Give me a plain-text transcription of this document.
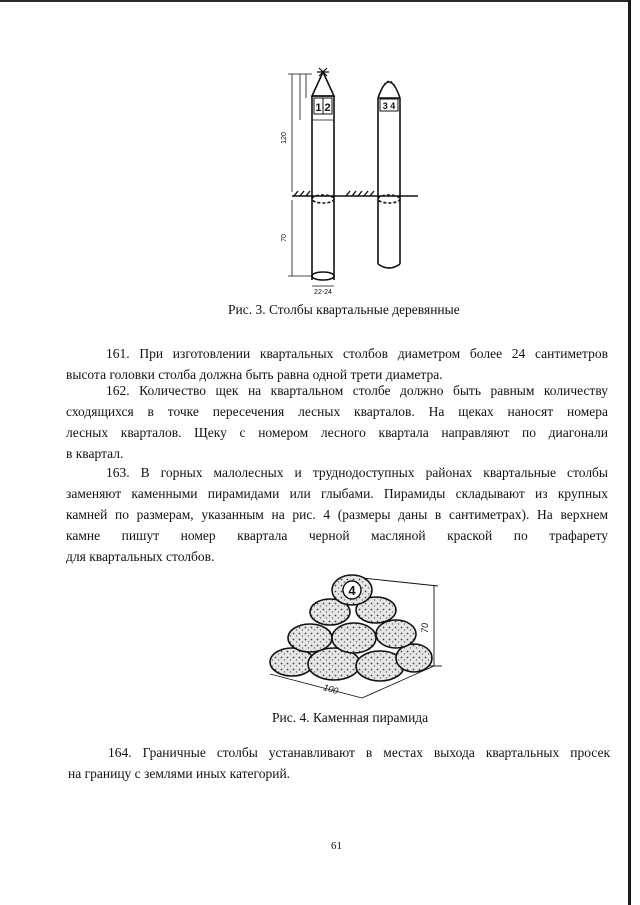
1 2
120
70
22-24
3 4
Рис. 3. Столбы квартальные деревянные
161. При изготовлении квартальных столбов диаметром более 24 сантиметров
высота головки столба должна быть равна одной трети диаметра.
162. Количество щек на квартальном столбе должно быть равным количеству
сходящихся в точке пересечения лесных кварталов. На щеках наносят номера
лесных кварталов. Щеку с номером лесного квартала направляют по диагонали
в квартал.
163. В горных малолесных и труднодоступных районах квартальные столбы
заменяют каменными пирамидами или глыбами. Пирамиды складывают из крупных
камней по размерам, указанным на рис. 4 (размеры даны в сантиметрах). На верхнем
камне пишут номер квартала черной масляной краской по трафарету
для квартальных столбов.
4
70
100
Рис. 4. Каменная пирамида
164. Граничные столбы устанавливают в местах выхода квартальных просек
на границу с землями иных категорий.
61
